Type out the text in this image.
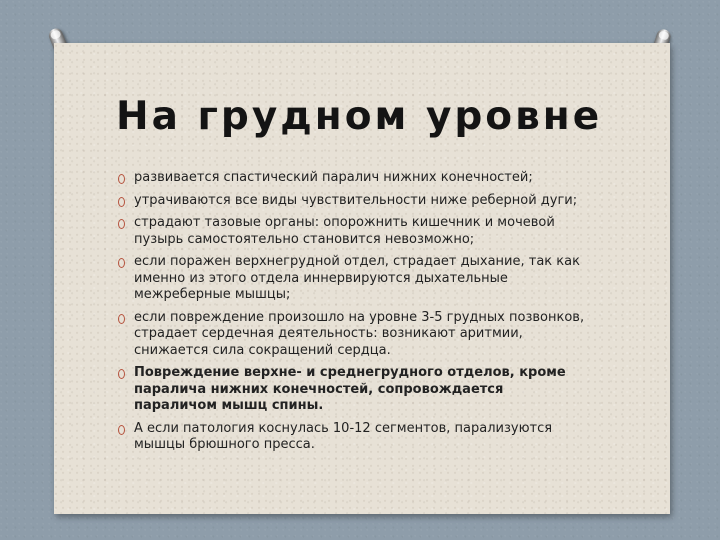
На грудном уровне
развивается спастический паралич нижних конечностей;
утрачиваются все виды чувствительности ниже реберной дуги;
страдают тазовые органы: опорожнить кишечник и мочевой пузырь самостоятельно становится невозможно;
если поражен верхнегрудной отдел, страдает дыхание, так как именно из этого отдела иннервируются дыхательные межреберные мышцы;
если повреждение произошло на уровне 3-5 грудных позвонков, страдает сердечная деятельность: возникают аритмии, снижается сила сокращений сердца.
Повреждение верхне- и среднегрудного отделов, кроме паралича нижних конечностей, сопровождается параличом мышц спины.
А если патология коснулась 10-12 сегментов, парализуются мышцы брюшного пресса.
